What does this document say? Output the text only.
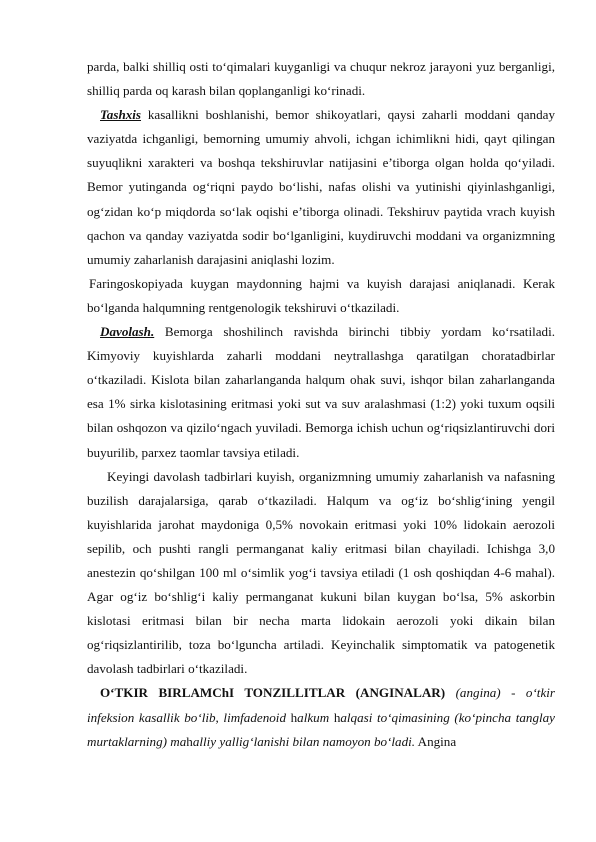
parda, balki shilliq osti to‘qimalari kuyganligi va chuqur nekroz jarayoni yuz berganligi, shilliq parda oq karash bilan qoplanganligi ko‘rinadi.

Tashxis kasallikni boshlanishi, bemor shikoyatlari, qaysi zaharli moddani qanday vaziyatda ichganligi, bemorning umumiy ahvoli, ichgan ichimlikni hidi, qayt qilingan suyuqlikni xarakteri va boshqa tekshiruvlar natijasini e’tiborga olgan holda qo‘yiladi. Bemor yutinganda og‘riqni paydo bo‘lishi, nafas olishi va yutinishi qiyinlashganligi, og‘zidan ko‘p miqdorda so‘lak oqishi e’tiborga olinadi. Tekshiruv paytida vrach kuyish qachon va qanday vaziyatda sodir bo‘lganligini, kuydiruvchi moddani va organizmning umumiy zaharlanish darajasini aniqlashi lozim.

Faringoskopiyada kuygan maydonning hajmi va kuyish darajasi aniqlanadi. Kerak bo‘lganda halqumning rentgenologik tekshiruvi o‘tkaziladi.

Davolash. Bemorga shoshilinch ravishda birinchi tibbiy yordam ko‘rsatiladi. Kimyoviy kuyishlarda zaharli moddani neytrallashga qaratilgan choratadbirlar o‘tkaziladi. Kislota bilan zaharlanganda halqum ohak suvi, ishqor bilan zaharlanganda esa 1% sirka kislotasining eritmasi yoki sut va suv aralashmasi (1:2) yoki tuxum oqsili bilan oshqozon va qizilo‘ngach yuviladi. Bemorga ichish uchun og‘riqsizlantiruvchi dori buyurilib, parxez taomlar tavsiya etiladi.

Keyingi davolash tadbirlari kuyish, organizmning umumiy zaharlanish va nafasning buzilish darajalarsiga, qarab o‘tkaziladi. Halqum va og‘iz bo‘shlig‘ining yengil kuyishlarida jarohat maydoniga 0,5% novokain eritmasi yoki 10% lidokain aerozoli sepilib, och pushti rangli permanganat kaliy eritmasi bilan chayiladi. Ichishga 3,0 anestezin qo‘shilgan 100 ml o‘simlik yog‘i tavsiya etiladi (1 osh qoshiqdan 4-6 mahal). Agar og‘iz bo‘shlig‘i kaliy permanganat kukuni bilan kuygan bo‘lsa, 5% askorbin kislotasi eritmasi bilan bir necha marta lidokain aerozoli yoki dikain bilan og‘riqsizlantirilib, toza bo‘lguncha artiladi. Keyinchalik simptomatik va patogenetik davolash tadbirlari o‘tkaziladi.

O‘TKIR BIRLAMChI TONZILLITLAR (ANGINALAR) (angina) - o‘tkir infeksion kasallik bo‘lib, limfadenoid halkum halqasi to‘qimasining (ko‘pincha tanglay murtaklarning) mahalliy yallig‘lanishi bilan namoyon bo‘ladi. Angina
